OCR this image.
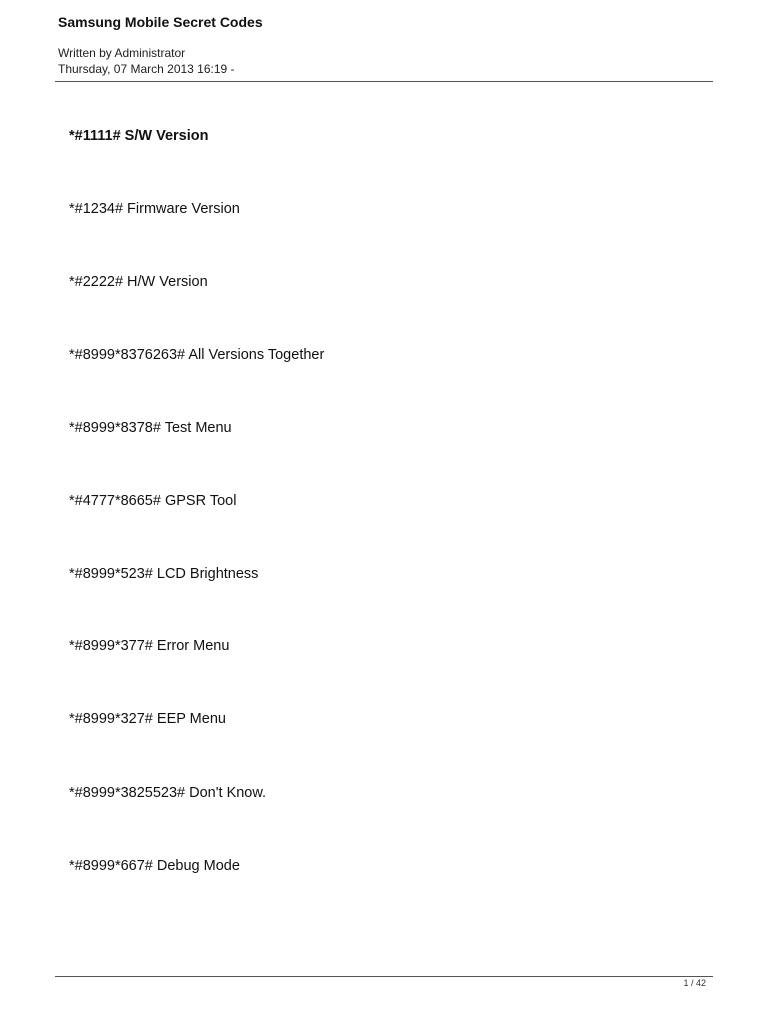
Samsung Mobile Secret Codes
Written by Administrator
Thursday, 07 March 2013 16:19 -
*#1111# S/W Version
*#1234# Firmware Version
*#2222# H/W Version
*#8999*8376263# All Versions Together
*#8999*8378# Test Menu
*#4777*8665# GPSR Tool
*#8999*523# LCD Brightness
*#8999*377# Error Menu
*#8999*327# EEP Menu
*#8999*3825523# Don't Know.
*#8999*667# Debug Mode
1 / 42
